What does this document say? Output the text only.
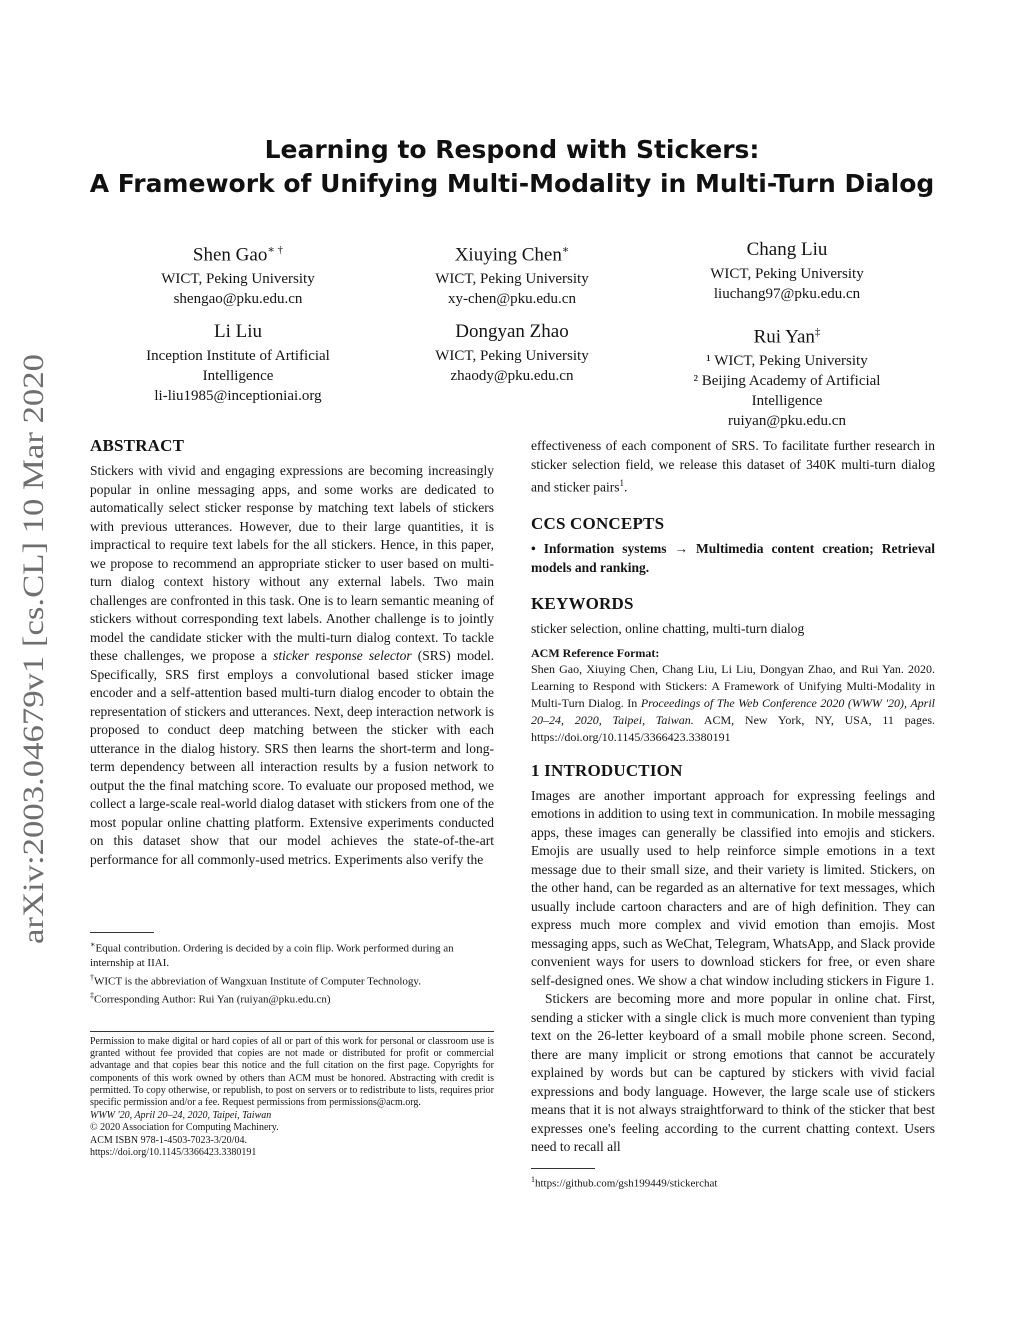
arXiv:2003.04679v1 [cs.CL] 10 Mar 2020
Learning to Respond with Stickers:
A Framework of Unifying Multi-Modality in Multi-Turn Dialog
Shen Gao∗ †
WICT, Peking University
shengao@pku.edu.cn
Xiuying Chen∗
WICT, Peking University
xy-chen@pku.edu.cn
Chang Liu
WICT, Peking University
liuchang97@pku.edu.cn
Li Liu
Inception Institute of Artificial
Intelligence
li-liu1985@inceptioniai.org
Dongyan Zhao
WICT, Peking University
zhaody@pku.edu.cn
Rui Yan‡
¹ WICT, Peking University
² Beijing Academy of Artificial
Intelligence
ruiyan@pku.edu.cn
ABSTRACT

Stickers with vivid and engaging expressions are becoming increasingly popular in online messaging apps, and some works are dedicated to automatically select sticker response by matching text labels of stickers with previous utterances. However, due to their large quantities, it is impractical to require text labels for the all stickers. Hence, in this paper, we propose to recommend an appropriate sticker to user based on multi-turn dialog context history without any external labels. Two main challenges are confronted in this task. One is to learn semantic meaning of stickers without corresponding text labels. Another challenge is to jointly model the candidate sticker with the multi-turn dialog context. To tackle these challenges, we propose a sticker response selector (SRS) model. Specifically, SRS first employs a convolutional based sticker image encoder and a self-attention based multi-turn dialog encoder to obtain the representation of stickers and utterances. Next, deep interaction network is proposed to conduct deep matching between the sticker with each utterance in the dialog history. SRS then learns the short-term and long-term dependency between all interaction results by a fusion network to output the the final matching score. To evaluate our proposed method, we collect a large-scale real-world dialog dataset with stickers from one of the most popular online chatting platform. Extensive experiments conducted on this dataset show that our model achieves the state-of-the-art performance for all commonly-used metrics. Experiments also verify the

∗Equal contribution. Ordering is decided by a coin flip. Work performed during an internship at IIAI.
†WICT is the abbreviation of Wangxuan Institute of Computer Technology.
‡Corresponding Author: Rui Yan (ruiyan@pku.edu.cn)
Permission to make digital or hard copies of all or part of this work for personal or classroom use is granted without fee provided that copies are not made or distributed for profit or commercial advantage and that copies bear this notice and the full citation on the first page. Copyrights for components of this work owned by others than ACM must be honored. Abstracting with credit is permitted. To copy otherwise, or republish, to post on servers or to redistribute to lists, requires prior specific permission and/or a fee. Request permissions from permissions@acm.org.
WWW '20, April 20–24, 2020, Taipei, Taiwan
© 2020 Association for Computing Machinery.
ACM ISBN 978-1-4503-7023-3/20/04.
https://doi.org/10.1145/3366423.3380191

effectiveness of each component of SRS. To facilitate further research in sticker selection field, we release this dataset of 340K multi-turn dialog and sticker pairs$^1$.

CCS CONCEPTS

• Information systems → Multimedia content creation; Retrieval models and ranking.

KEYWORDS

sticker selection, online chatting, multi-turn dialog

ACM Reference Format:

Shen Gao, Xiuying Chen, Chang Liu, Li Liu, Dongyan Zhao, and Rui Yan. 2020. Learning to Respond with Stickers: A Framework of Unifying Multi-Modality in Multi-Turn Dialog. In Proceedings of The Web Conference 2020 (WWW '20), April 20–24, 2020, Taipei, Taiwan. ACM, New York, NY, USA, 11 pages. https://doi.org/10.1145/3366423.3380191

1 INTRODUCTION

Images are another important approach for expressing feelings and emotions in addition to using text in communication. In mobile messaging apps, these images can generally be classified into emojis and stickers. Emojis are usually used to help reinforce simple emotions in a text message due to their small size, and their variety is limited. Stickers, on the other hand, can be regarded as an alternative for text messages, which usually include cartoon characters and are of high definition. They can express much more complex and vivid emotion than emojis. Most messaging apps, such as WeChat, Telegram, WhatsApp, and Slack provide convenient ways for users to download stickers for free, or even share self-designed ones. We show a chat window including stickers in Figure 1.

Stickers are becoming more and more popular in online chat. First, sending a sticker with a single click is much more convenient than typing text on the 26-letter keyboard of a small mobile phone screen. Second, there are many implicit or strong emotions that cannot be accurately explained by words but can be captured by stickers with vivid facial expressions and body language. However, the large scale use of stickers means that it is not always straightforward to think of the sticker that best expresses one's feeling according to the current chatting context. Users need to recall all

$^1$https://github.com/gsh199449/stickerchat
